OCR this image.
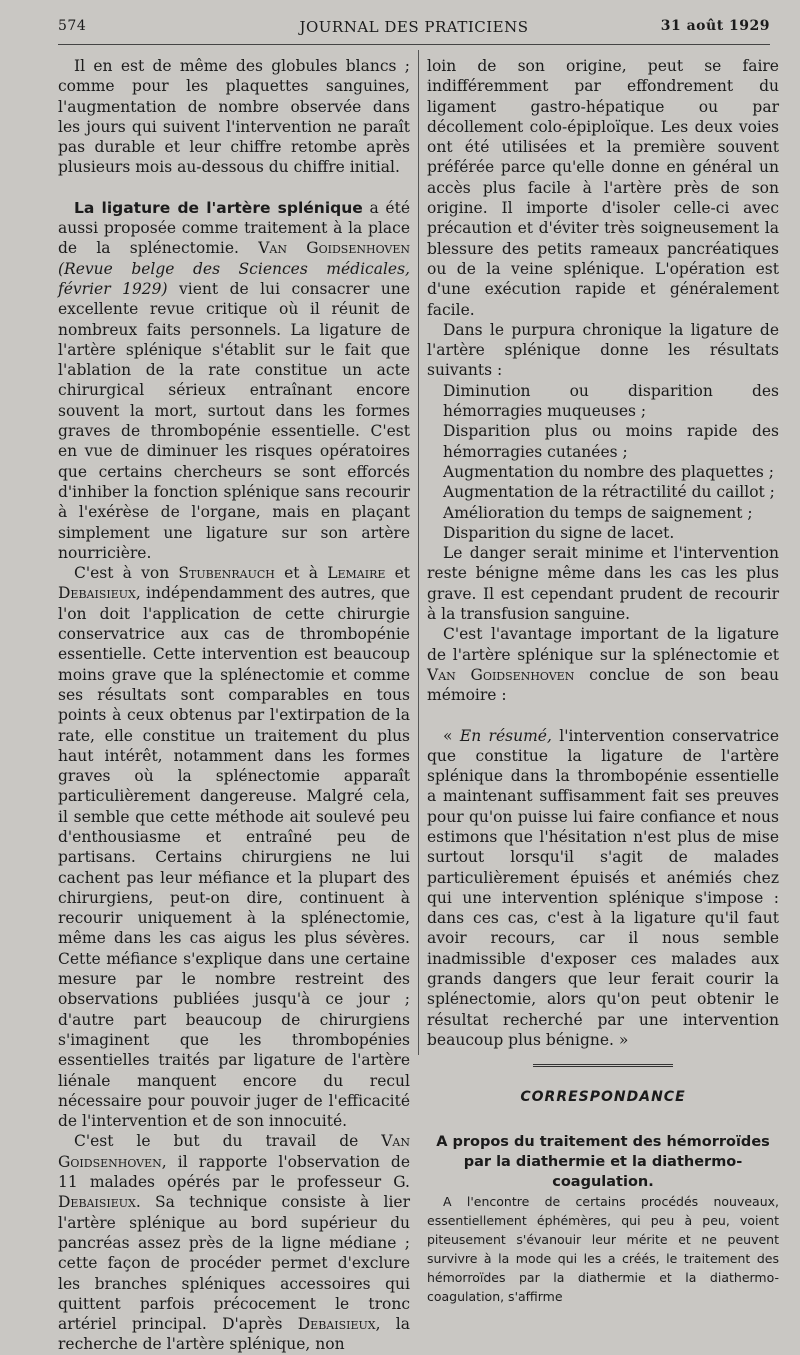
574	JOURNAL DES PRATICIENS	31 août 1929

Il en est de même des globules blancs ; comme pour les plaquettes sanguines, l'augmentation de nombre observée dans les jours qui suivent l'intervention ne paraît pas durable et leur chiffre retombe après plusieurs mois au-dessous du chiffre initial.

La ligature de l'artère splénique a été aussi proposée comme traitement à la place de la splénectomie. Van Goidsenhoven (Revue belge des Sciences médicales, février 1929) vient de lui consacrer une excellente revue critique où il réunit de nombreux faits personnels. La ligature de l'artère splénique s'établit sur le fait que l'ablation de la rate constitue un acte chirurgical sérieux entraînant encore souvent la mort, surtout dans les formes graves de thrombopénie essentielle. C'est en vue de diminuer les risques opératoires que certains chercheurs se sont efforcés d'inhiber la fonction splénique sans recourir à l'exérèse de l'organe, mais en plaçant simplement une ligature sur son artère nourricière.

C'est à von Stubenrauch et à Lemaire et Debaisieux, indépendamment des autres, que l'on doit l'application de cette chirurgie conservatrice aux cas de thrombopénie essentielle. Cette intervention est beaucoup moins grave que la splénectomie et comme ses résultats sont comparables en tous points à ceux obtenus par l'extirpation de la rate, elle constitue un traitement du plus haut intérêt, notamment dans les formes graves où la splénectomie apparaît particulièrement dangereuse. Malgré cela, il semble que cette méthode ait soulevé peu d'enthousiasme et entraîné peu de partisans. Certains chirurgiens ne lui cachent pas leur méfiance et la plupart des chirurgiens, peut-on dire, continuent à recourir uniquement à la splénectomie, même dans les cas aigus les plus sévères. Cette méfiance s'explique dans une certaine mesure par le nombre restreint des observations publiées jusqu'à ce jour ; d'autre part beaucoup de chirurgiens s'imaginent que les thrombopénies essentielles traités par ligature de l'artère liénale manquent encore du recul nécessaire pour pouvoir juger de l'efficacité de l'intervention et de son innocuité.

C'est le but du travail de Van Goidsenhoven, il rapporte l'observation de 11 malades opérés par le professeur G. Debaisieux. Sa technique consiste à lier l'artère splénique au bord supérieur du pancréas assez près de la ligne médiane ; cette façon de procéder permet d'exclure les branches spléniques accessoires qui quittent parfois précocement le tronc artériel principal. D'après Debaisieux, la recherche de l'artère splénique, non

loin de son origine, peut se faire indifféremment par effondrement du ligament gastro-hépatique ou par décollement colo-épiploïque. Les deux voies ont été utilisées et la première souvent préférée parce qu'elle donne en général un accès plus facile à l'artère près de son origine. Il importe d'isoler celle-ci avec précaution et d'éviter très soigneusement la blessure des petits rameaux pancréatiques ou de la veine splénique. L'opération est d'une exécution rapide et généralement facile.

Dans le purpura chronique la ligature de l'artère splénique donne les résultats suivants :

Diminution ou disparition des hémorragies muqueuses ;

Disparition plus ou moins rapide des hémorragies cutanées ;

Augmentation du nombre des plaquettes ;

Augmentation de la rétractilité du caillot ;

Amélioration du temps de saignement ;

Disparition du signe de lacet.

Le danger serait minime et l'intervention reste bénigne même dans les cas les plus grave. Il est cependant prudent de recourir à la transfusion sanguine.

C'est l'avantage important de la ligature de l'artère splénique sur la splénectomie et Van Goidsenhoven conclue de son beau mémoire :

« En résumé, l'intervention conservatrice que constitue la ligature de l'artère splénique dans la thrombopénie essentielle a maintenant suffisamment fait ses preuves pour qu'on puisse lui faire confiance et nous estimons que l'hésitation n'est plus de mise surtout lorsqu'il s'agit de malades particulièrement épuisés et anémiés chez qui une intervention splénique s'impose : dans ces cas, c'est à la ligature qu'il faut avoir recours, car il nous semble inadmissible d'exposer ces malades aux grands dangers que leur ferait courir la splénectomie, alors qu'on peut obtenir le résultat recherché par une intervention beaucoup plus bénigne. »

CORRESPONDANCE
A propos du traitement des hémorroïdes
par la diathermie et la diathermo-coagulation.

A l'encontre de certains procédés nouveaux, essentiellement éphémères, qui peu à peu, voient piteusement s'évanouir leur mérite et ne peuvent survivre à la mode qui les a créés, le traitement des hémorroïdes par la diathermie et la diathermo-coagulation, s'affirme
